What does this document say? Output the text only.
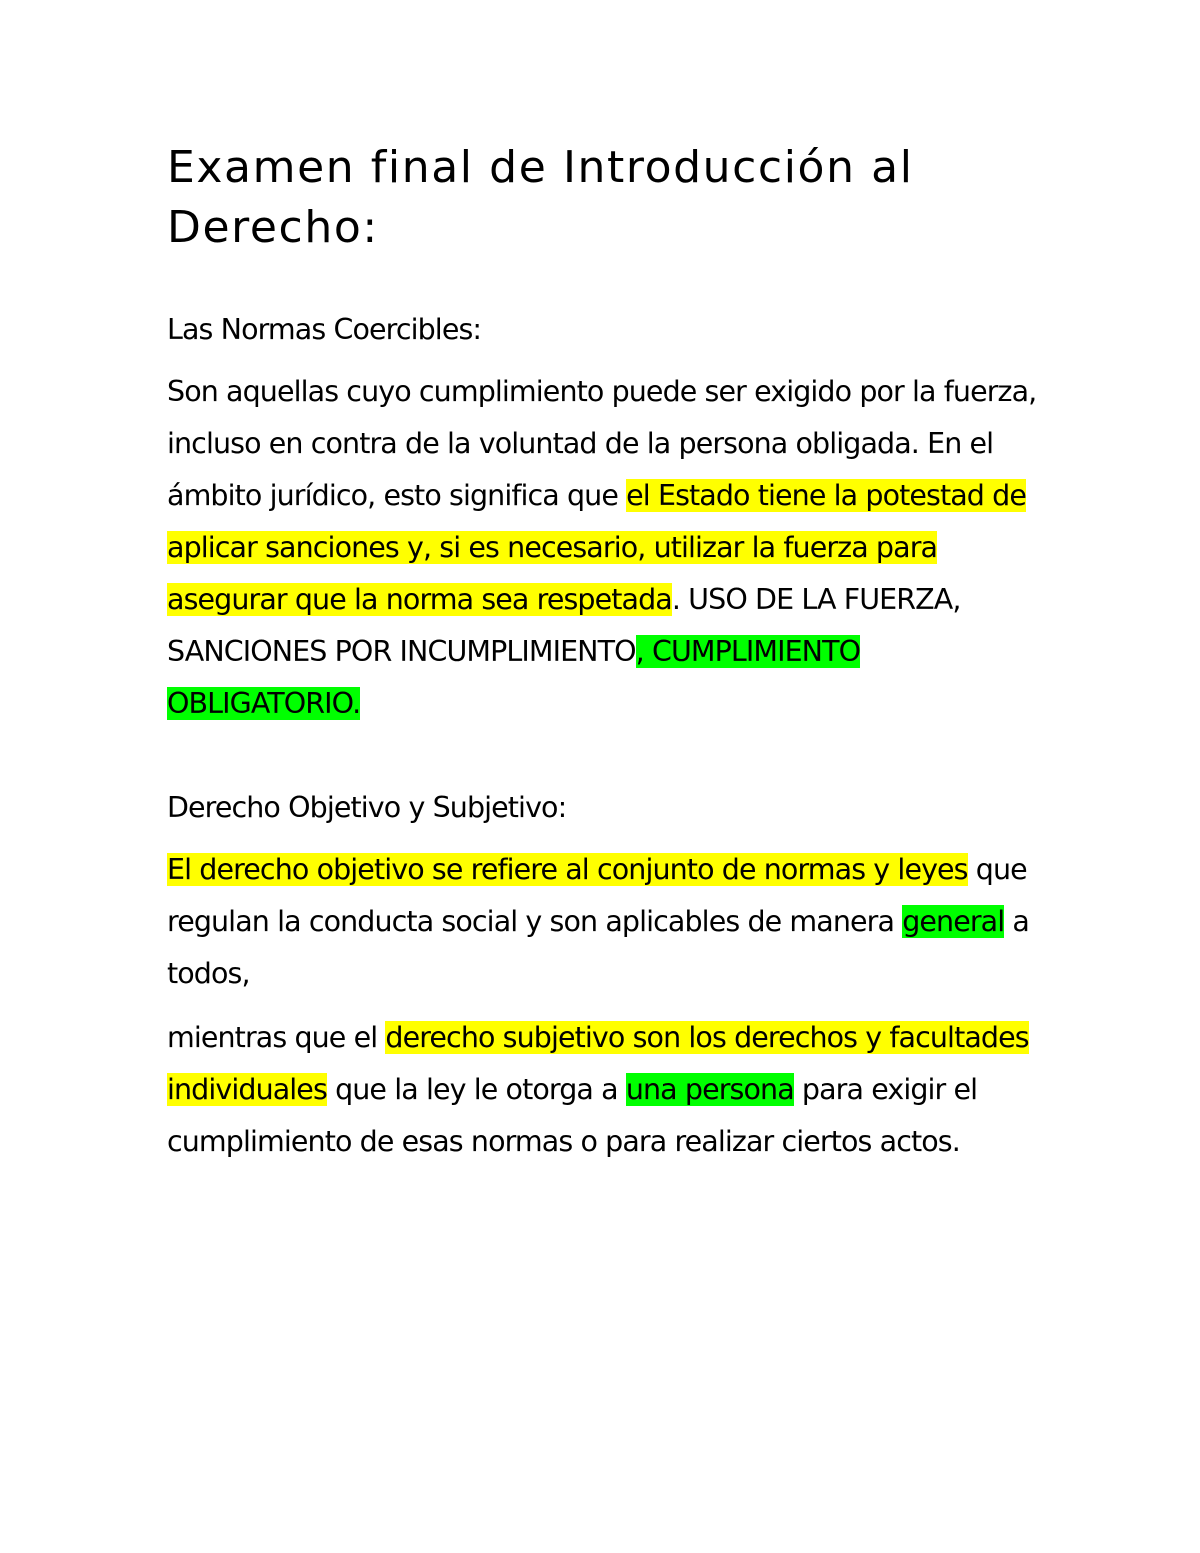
Examen final de Introducción al
Derecho:

Las Normas Coercibles:

Son aquellas cuyo cumplimiento puede ser exigido por la fuerza, incluso en contra de la voluntad de la persona obligada. En el ámbito jurídico, esto significa que el Estado tiene la potestad de aplicar sanciones y, si es necesario, utilizar la fuerza para asegurar que la norma sea respetada. USO DE LA FUERZA, SANCIONES POR INCUMPLIMIENTO, CUMPLIMIENTO OBLIGATORIO.

Derecho Objetivo y Subjetivo:

El derecho objetivo se refiere al conjunto de normas y leyes que regulan la conducta social y son aplicables de manera general a todos,

mientras que el derecho subjetivo son los derechos y facultades individuales que la ley le otorga a una persona para exigir el cumplimiento de esas normas o para realizar ciertos actos.
